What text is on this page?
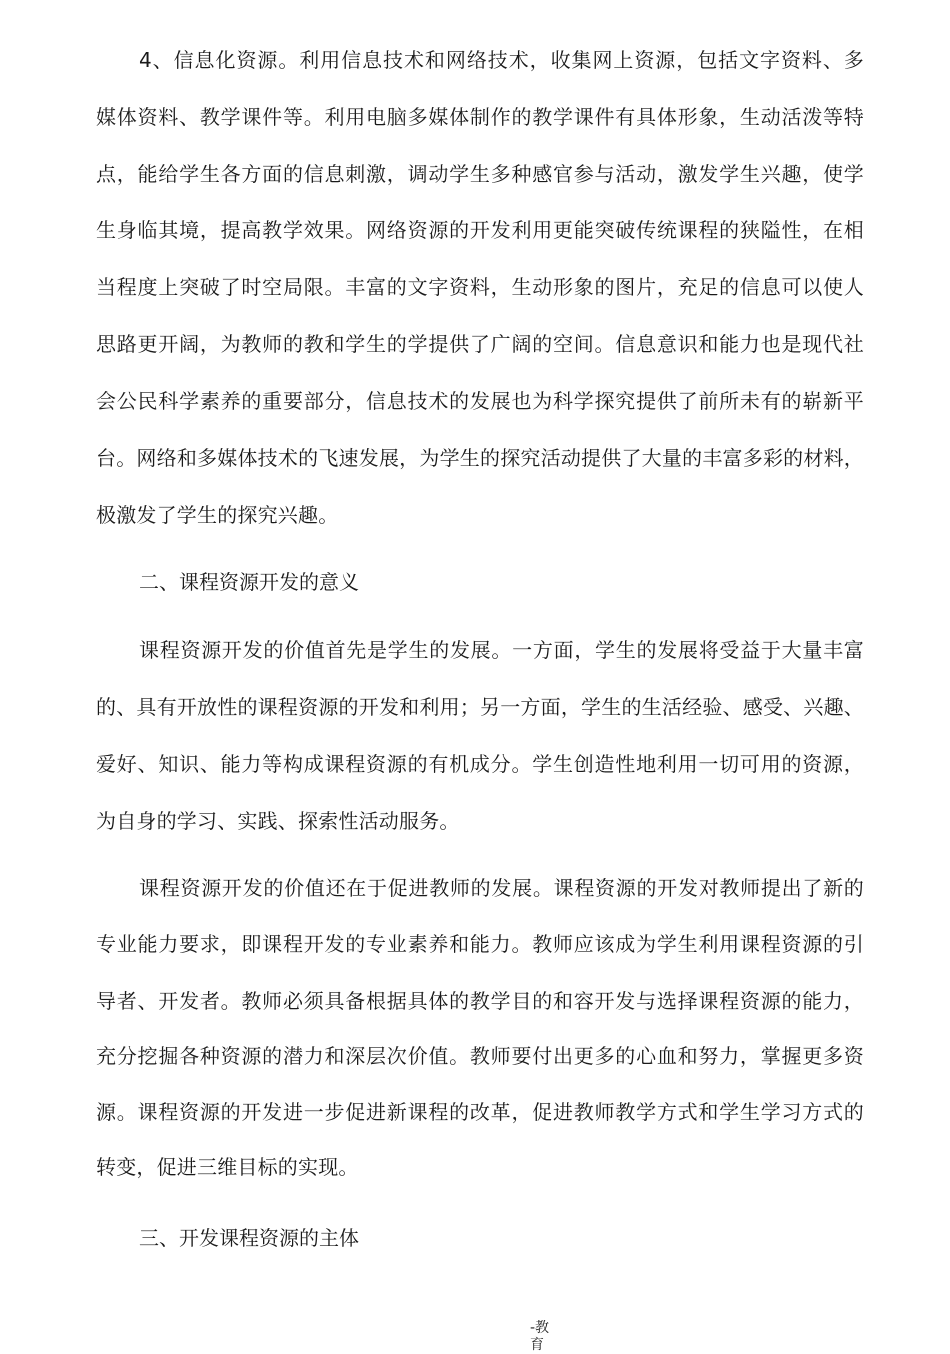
4、信息化资源。利用信息技术和网络技术，收集网上资源，包括文字资料、多
媒体资料、教学课件等。利用电脑多媒体制作的教学课件有具体形象，生动活泼等特
点，能给学生各方面的信息刺激，调动学生多种感官参与活动，激发学生兴趣，使学
生身临其境，提高教学效果。网络资源的开发利用更能突破传统课程的狭隘性，在相
当程度上突破了时空局限。丰富的文字资料，生动形象的图片，充足的信息可以使人
思路更开阔，为教师的教和学生的学提供了广阔的空间。信息意识和能力也是现代社
会公民科学素养的重要部分，信息技术的发展也为科学探究提供了前所未有的崭新平
台。网络和多媒体技术的飞速发展，为学生的探究活动提供了大量的丰富多彩的材料，
极激发了学生的探究兴趣。
二、课程资源开发的意义
课程资源开发的价值首先是学生的发展。一方面，学生的发展将受益于大量丰富
的、具有开放性的课程资源的开发和利用；另一方面，学生的生活经验、感受、兴趣、
爱好、知识、能力等构成课程资源的有机成分。学生创造性地利用一切可用的资源，
为自身的学习、实践、探索性活动服务。
课程资源开发的价值还在于促进教师的发展。课程资源的开发对教师提出了新的
专业能力要求，即课程开发的专业素养和能力。教师应该成为学生利用课程资源的引
导者、开发者。教师必须具备根据具体的教学目的和容开发与选择课程资源的能力，
充分挖掘各种资源的潜力和深层次价值。教师要付出更多的心血和努力，掌握更多资
源。课程资源的开发进一步促进新课程的改革，促进教师教学方式和学生学习方式的
转变，促进三维目标的实现。
三、开发课程资源的主体
-教
育
